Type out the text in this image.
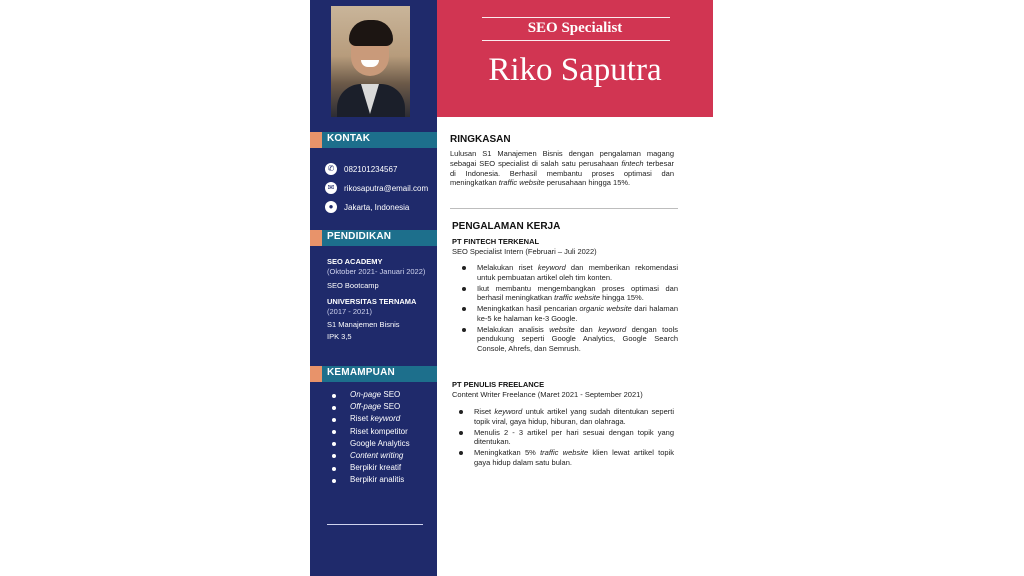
SEO Specialist
Riko Saputra
KONTAK
✆	082101234567
✉	rikosaputra@email.com
●	Jakarta, Indonesia
PENDIDIKAN
SEO ACADEMY
(Oktober 2021- Januari 2022)
SEO Bootcamp
UNIVERSITAS TERNAMA
(2017 - 2021)
S1 Manajemen Bisnis
IPK 3,5
KEMAMPUAN
On-page SEO
Off-page SEO
Riset keyword
Riset kompetitor
Google Analytics
Content writing
Berpikir kreatif
Berpikir analitis
RINGKASAN
Lulusan S1 Manajemen Bisnis dengan pengalaman magang sebagai SEO specialist di salah satu perusahaan fintech terbesar di Indonesia. Berhasil membantu proses optimasi dan meningkatkan traffic website perusahaan hingga 15%.
PENGALAMAN KERJA
PT FINTECH TERKENAL
SEO Specialist Intern (Februari – Juli 2022)
Melakukan riset keyword dan memberikan rekomendasi untuk pembuatan artikel oleh tim konten.
Ikut membantu mengembangkan proses optimasi dan berhasil meningkatkan traffic website hingga 15%.
Meningkatkan hasil pencarian organic website dari halaman ke-5 ke halaman ke-3 Google.
Melakukan analisis website dan keyword dengan tools pendukung seperti Google Analytics, Google Search Console, Ahrefs, dan Semrush.
PT PENULIS FREELANCE
Content Writer Freelance (Maret 2021 - September 2021)
Riset keyword untuk artikel yang sudah ditentukan seperti topik viral, gaya hidup, hiburan, dan olahraga.
Menulis 2 - 3 artikel per hari sesuai dengan topik yang ditentukan.
Meningkatkan 5% traffic website klien lewat artikel topik gaya hidup dalam satu bulan.
